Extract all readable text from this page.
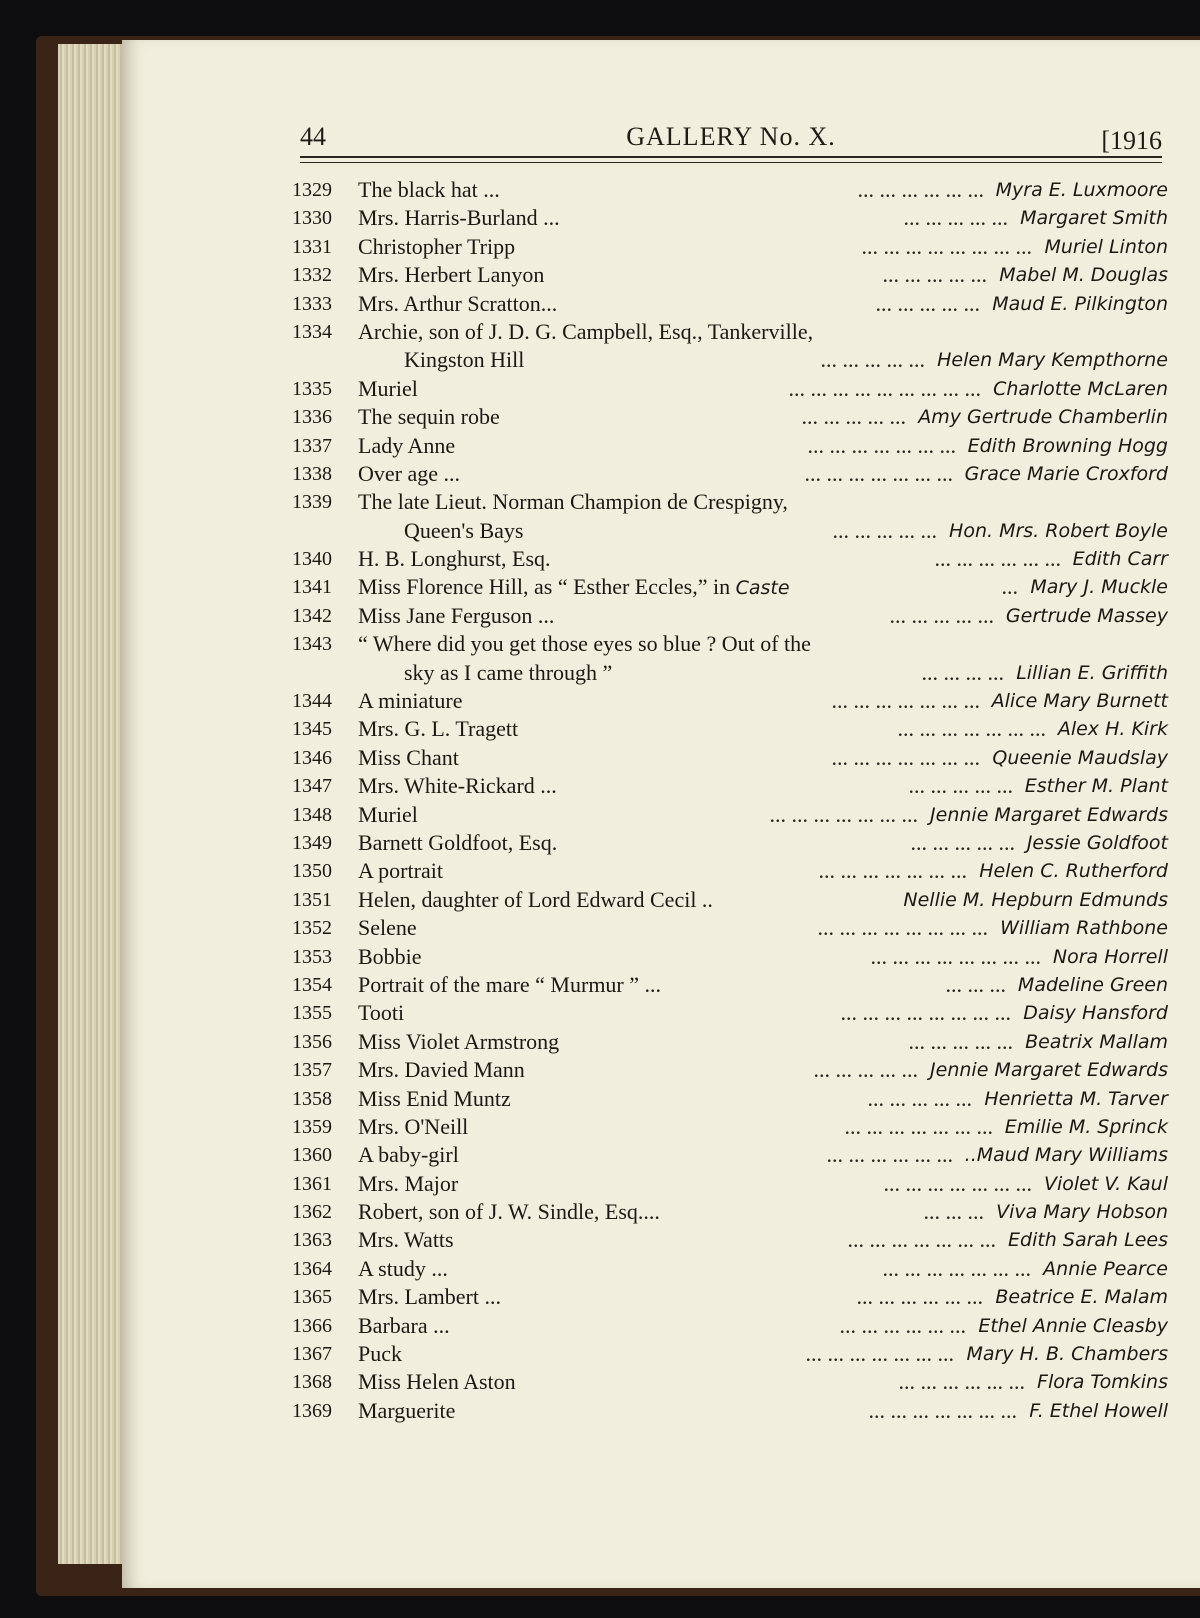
44	GALLERY No. X.	[1916
1329	The black hat ...	... ... ... ... ... ... Myra E. Luxmoore
1330	Mrs. Harris-Burland ...	... ... ... ... ... Margaret Smith
1331	Christopher Tripp	... ... ... ... ... ... ... ... Muriel Linton
1332	Mrs. Herbert Lanyon	... ... ... ... ... Mabel M. Douglas
1333	Mrs. Arthur Scratton...	... ... ... ... ... Maud E. Pilkington
1334	Archie, son of J. D. G. Campbell, Esq., Tankerville,
Kingston Hill	... ... ... ... ... Helen Mary Kempthorne
1335	Muriel	... ... ... ... ... ... ... ... ... Charlotte McLaren
1336	The sequin robe	... ... ... ... ... Amy Gertrude Chamberlin
1337	Lady Anne	... ... ... ... ... ... ... Edith Browning Hogg
1338	Over age ...	... ... ... ... ... ... ... Grace Marie Croxford
1339	The late Lieut. Norman Champion de Crespigny,
Queen's Bays	... ... ... ... ... Hon. Mrs. Robert Boyle
1340	H. B. Longhurst, Esq.	... ... ... ... ... ... Edith Carr
1341	Miss Florence Hill, as “ Esther Eccles,” in Caste	... Mary J. Muckle
1342	Miss Jane Ferguson ...	... ... ... ... ... Gertrude Massey
1343	“ Where did you get those eyes so blue ? Out of the
sky as I came through ”	... ... ... ... Lillian E. Griffith
1344	A miniature	... ... ... ... ... ... ... Alice Mary Burnett
1345	Mrs. G. L. Tragett	... ... ... ... ... ... ... Alex H. Kirk
1346	Miss Chant	... ... ... ... ... ... ... Queenie Maudslay
1347	Mrs. White-Rickard ...	... ... ... ... ... Esther M. Plant
1348	Muriel	... ... ... ... ... ... ... Jennie Margaret Edwards
1349	Barnett Goldfoot, Esq.	... ... ... ... ... Jessie Goldfoot
1350	A portrait	... ... ... ... ... ... ... Helen C. Rutherford
1351	Helen, daughter of Lord Edward Cecil ..	Nellie M. Hepburn Edmunds
1352	Selene	... ... ... ... ... ... ... ... William Rathbone
1353	Bobbie	... ... ... ... ... ... ... ... Nora Horrell
1354	Portrait of the mare “ Murmur ” ...	... ... ... Madeline Green
1355	Tooti	... ... ... ... ... ... ... ... Daisy Hansford
1356	Miss Violet Armstrong	... ... ... ... ... Beatrix Mallam
1357	Mrs. Davied Mann	... ... ... ... ... Jennie Margaret Edwards
1358	Miss Enid Muntz	... ... ... ... ... Henrietta M. Tarver
1359	Mrs. O'Neill	... ... ... ... ... ... ... Emilie M. Sprinck
1360	A baby-girl	... ... ... ... ... ... ..Maud Mary Williams
1361	Mrs. Major	... ... ... ... ... ... ... Violet V. Kaul
1362	Robert, son of J. W. Sindle, Esq....	... ... ... Viva Mary Hobson
1363	Mrs. Watts	... ... ... ... ... ... ... Edith Sarah Lees
1364	A study ...	... ... ... ... ... ... ... Annie Pearce
1365	Mrs. Lambert ...	... ... ... ... ... ... Beatrice E. Malam
1366	Barbara ...	... ... ... ... ... ... Ethel Annie Cleasby
1367	Puck	... ... ... ... ... ... ... Mary H. B. Chambers
1368	Miss Helen Aston	... ... ... ... ... ... Flora Tomkins
1369	Marguerite	... ... ... ... ... ... ... F. Ethel Howell
